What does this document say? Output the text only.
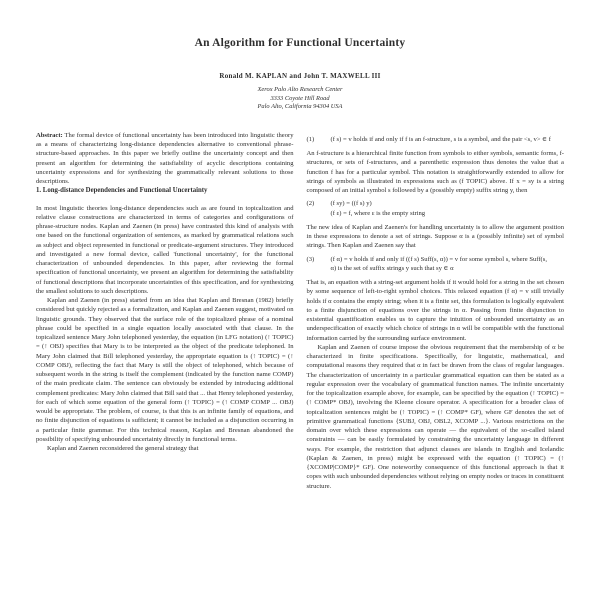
An Algorithm for Functional Uncertainty
Ronald M. KAPLAN and John T. MAXWELL III
Xerox Palo Alto Research Center
3333 Coyote Hill Road
Palo Alto, California 94304 USA

Abstract: The formal device of functional uncertainty has been introduced into linguistic theory as a means of characterizing long-distance dependencies alternative to conventional phrase-structure-based approaches. In this paper we briefly outline the uncertainty concept and then present an algorithm for determining the satisfiability of acyclic descriptions containing uncertainty expressions and for synthesizing the grammatically relevant solutions to those descriptions.

1. Long-distance Dependencies and Functional Uncertainty

In most linguistic theories long-distance dependencies such as are found in topicalization and relative clause constructions are characterized in terms of categories and configurations of phrase-structure nodes. Kaplan and Zaenen (in press) have contrasted this kind of analysis with one based on the functional organization of sentences, as marked by grammatical relations such as subject and object represented in functional or predicate-argument structures. They introduced and investigated a new formal device, called 'functional uncertainty', for the functional characterization of unbounded dependencies. In this paper, after reviewing the formal specification of functional uncertainty, we present an algorithm for determining the satisfiability of functional descriptions that incorporate uncertainties of this specification, and for synthesizing the smallest solutions to such descriptions.

Kaplan and Zaenen (in press) started from an idea that Kaplan and Bresnan (1982) briefly considered but quickly rejected as a formalization, and Kaplan and Zaenen suggest, motivated on linguistic grounds. They observed that the surface role of the topicalized phrase of a nominal phrase could be specified in a single equation locally associated with that clause. In the topicalized sentence Mary John telephoned yesterday, the equation (in LFG notation) (↑ TOPIC) = (↑ OBJ) specifies that Mary is to be interpreted as the object of the predicate telephoned. In Mary John claimed that Bill telephoned yesterday, the appropriate equation is (↑ TOPIC) = (↑ COMP OBJ), reflecting the fact that Mary is still the object of telephoned, which because of subsequent words in the string is itself the complement (indicated by the function name COMP) of the main predicate claim. The sentence can obviously be extended by introducing additional complement predicates: Mary John claimed that Bill said that ... that Henry telephoned yesterday, for each of which some equation of the general form (↑ TOPIC) = (↑ COMP COMP ... OBJ) would be appropriate. The problem, of course, is that this is an infinite family of equations, and no finite disjunction of equations is sufficient; it cannot be included as a disjunction occurring in a particular finite grammar. For this technical reason, Kaplan and Bresnan abandoned the possibility of specifying unbounded uncertainty directly in functional terms.

Kaplan and Zaenen reconsidered the general strategy that

(1)	(f s) = v holds if and only if f is an f-structure, s is a symbol, and the pair <s, v> ∈ f

An f-structure is a hierarchical finite function from symbols to either symbols, semantic forms, f-structures, or sets of f-structures, and a parenthetic expression thus denotes the value that a function f has for a particular symbol. This notation is straightforwardly extended to allow for strings of symbols as illustrated in expressions such as (f TOPIC) above. If x = sy is a string composed of an initial symbol s followed by a (possibly empty) suffix string y, then

(2)	(f sy) = ((f s) y)
(f ε) = f, where ε is the empty string

The new idea of Kaplan and Zaenen's for handling uncertainty is to allow the argument position in these expressions to denote a set of strings. Suppose α is a (possibly infinite) set of symbol strings. Then Kaplan and Zaenen say that

(3)	(f α) = v holds if and only if ((f s) Suff(s, α)) = v for some symbol s, where Suff(s, α) is the set of suffix strings y such that sy ∈ α

That is, an equation with a string-set argument holds if it would hold for a string in the set chosen by some sequence of left-to-right symbol choices. This relaxed equation (f α) = v still trivially holds if α contains the empty string; when it is a finite set, this formulation is logically equivalent to a finite disjunction of equations over the strings in α. Passing from finite disjunction to existential quantification enables us to capture the intuition of unbounded uncertainty as an underspecification of exactly which choice of strings in α will be compatible with the functional information carried by the surrounding surface environment.

Kaplan and Zaenen of course impose the obvious requirement that the membership of α be characterized in finite specifications. Specifically, for linguistic, mathematical, and computational reasons they required that α in fact be drawn from the class of regular languages. The characterization of uncertainty in a particular grammatical equation can then be stated as a regular expression over the vocabulary of grammatical function names. The infinite uncertainty for the topicalization example above, for example, can be specified by the equation (↑ TOPIC) = (↑ COMP* OBJ), involving the Kleene closure operator. A specification for a broader class of topicalization sentences might be (↑ TOPIC) = (↑ COMP* GF), where GF denotes the set of primitive grammatical functions {SUBJ, OBJ, OBL2, XCOMP ...}. Various restrictions on the domain over which these expressions can operate — the equivalent of the so-called island constraints — can be easily formulated by constraining the uncertainty language in different ways. For example, the restriction that adjunct clauses are islands in English and Icelandic (Kaplan & Zaenen, in press) might be expressed with the equation (↑ TOPIC) = (↑ {XCOMP|COMP}* GF). One noteworthy consequence of this functional approach is that it copes with such unbounded dependencies without relying on empty nodes or traces in constituent structure.
